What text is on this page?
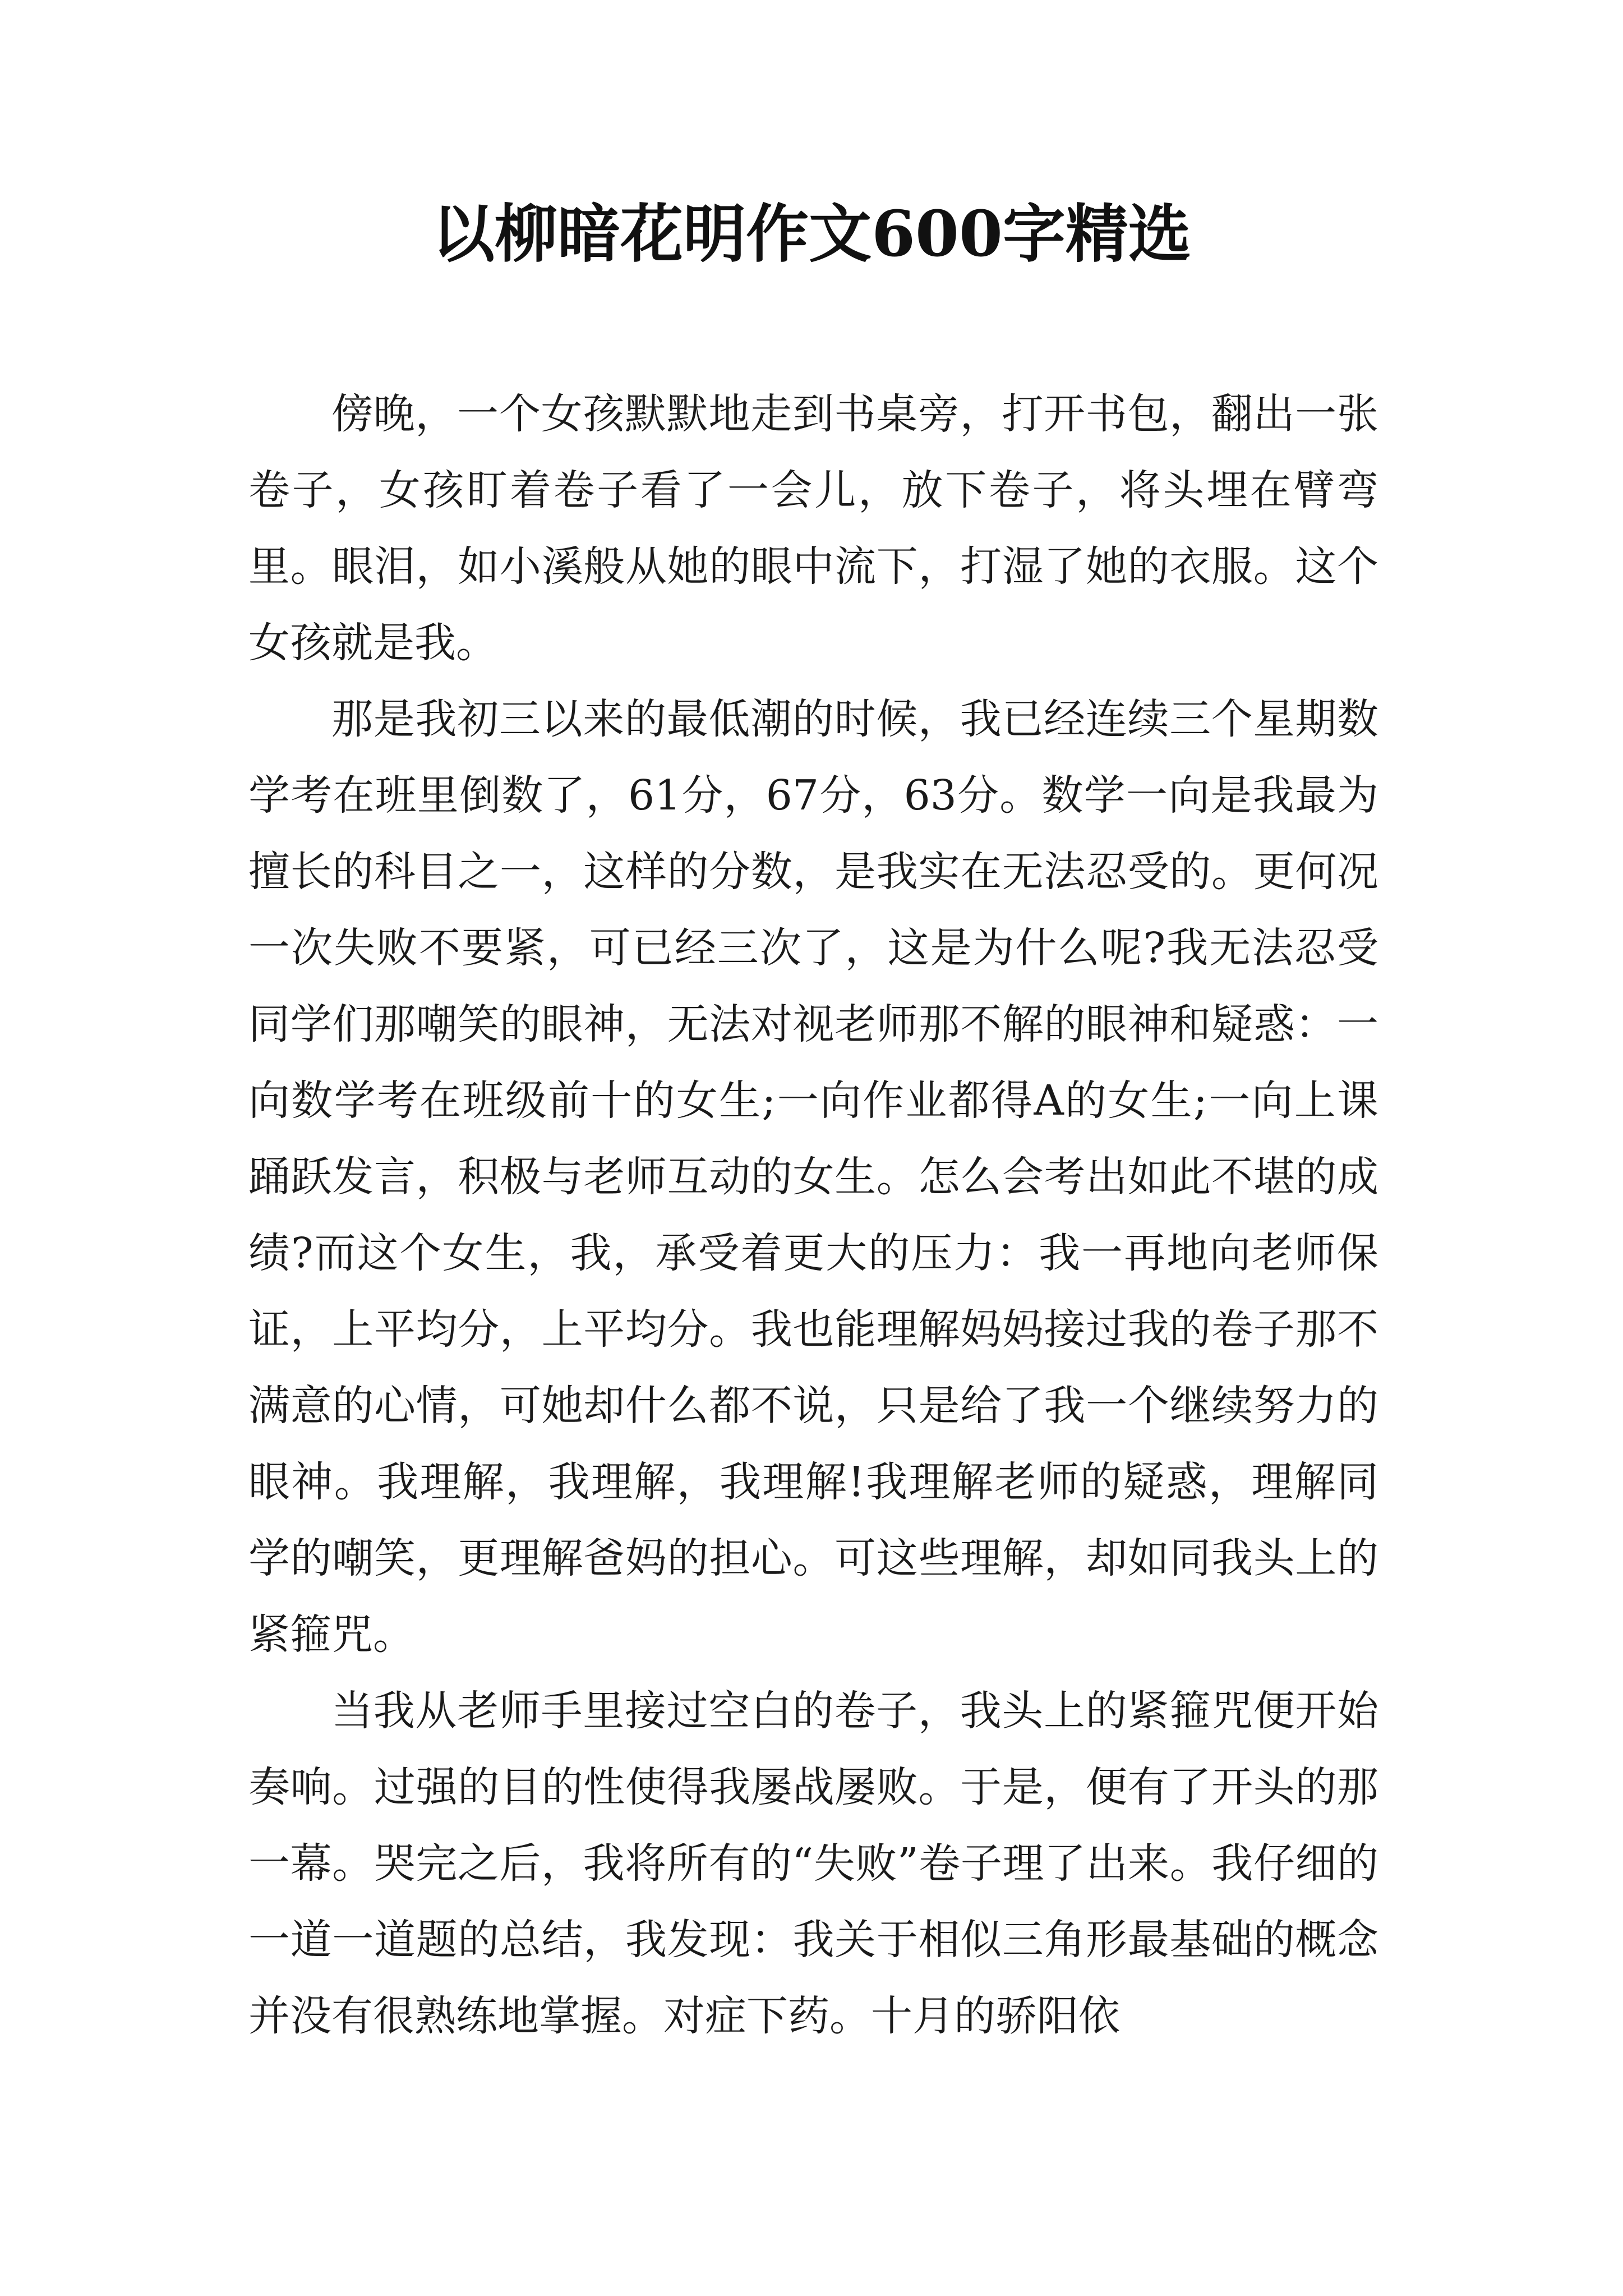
以柳暗花明作文600字精选

傍晚，一个女孩默默地走到书桌旁，打开书包，翻出一张卷子，女孩盯着卷子看了一会儿，放下卷子，将头埋在臂弯里。眼泪，如小溪般从她的眼中流下，打湿了她的衣服。这个女孩就是我。

那是我初三以来的最低潮的时候，我已经连续三个星期数学考在班里倒数了，61分，67分，63分。数学一向是我最为擅长的科目之一，这样的分数，是我实在无法忍受的。更何况一次失败不要紧，可已经三次了，这是为什么呢?我无法忍受同学们那嘲笑的眼神，无法对视老师那不解的眼神和疑惑：一向数学考在班级前十的女生;一向作业都得A的女生;一向上课踊跃发言，积极与老师互动的女生。怎么会考出如此不堪的成绩?而这个女生，我，承受着更大的压力：我一再地向老师保证，上平均分，上平均分。我也能理解妈妈接过我的卷子那不满意的心情，可她却什么都不说，只是给了我一个继续努力的眼神。我理解，我理解，我理解!我理解老师的疑惑，理解同学的嘲笑，更理解爸妈的担心。可这些理解，却如同我头上的紧箍咒。

当我从老师手里接过空白的卷子，我头上的紧箍咒便开始奏响。过强的目的性使得我屡战屡败。于是，便有了开头的那一幕。哭完之后，我将所有的“失败”卷子理了出来。我仔细的一道一道题的总结，我发现：我关于相似三角形最基础的概念并没有很熟练地掌握。对症下药。十月的骄阳依
